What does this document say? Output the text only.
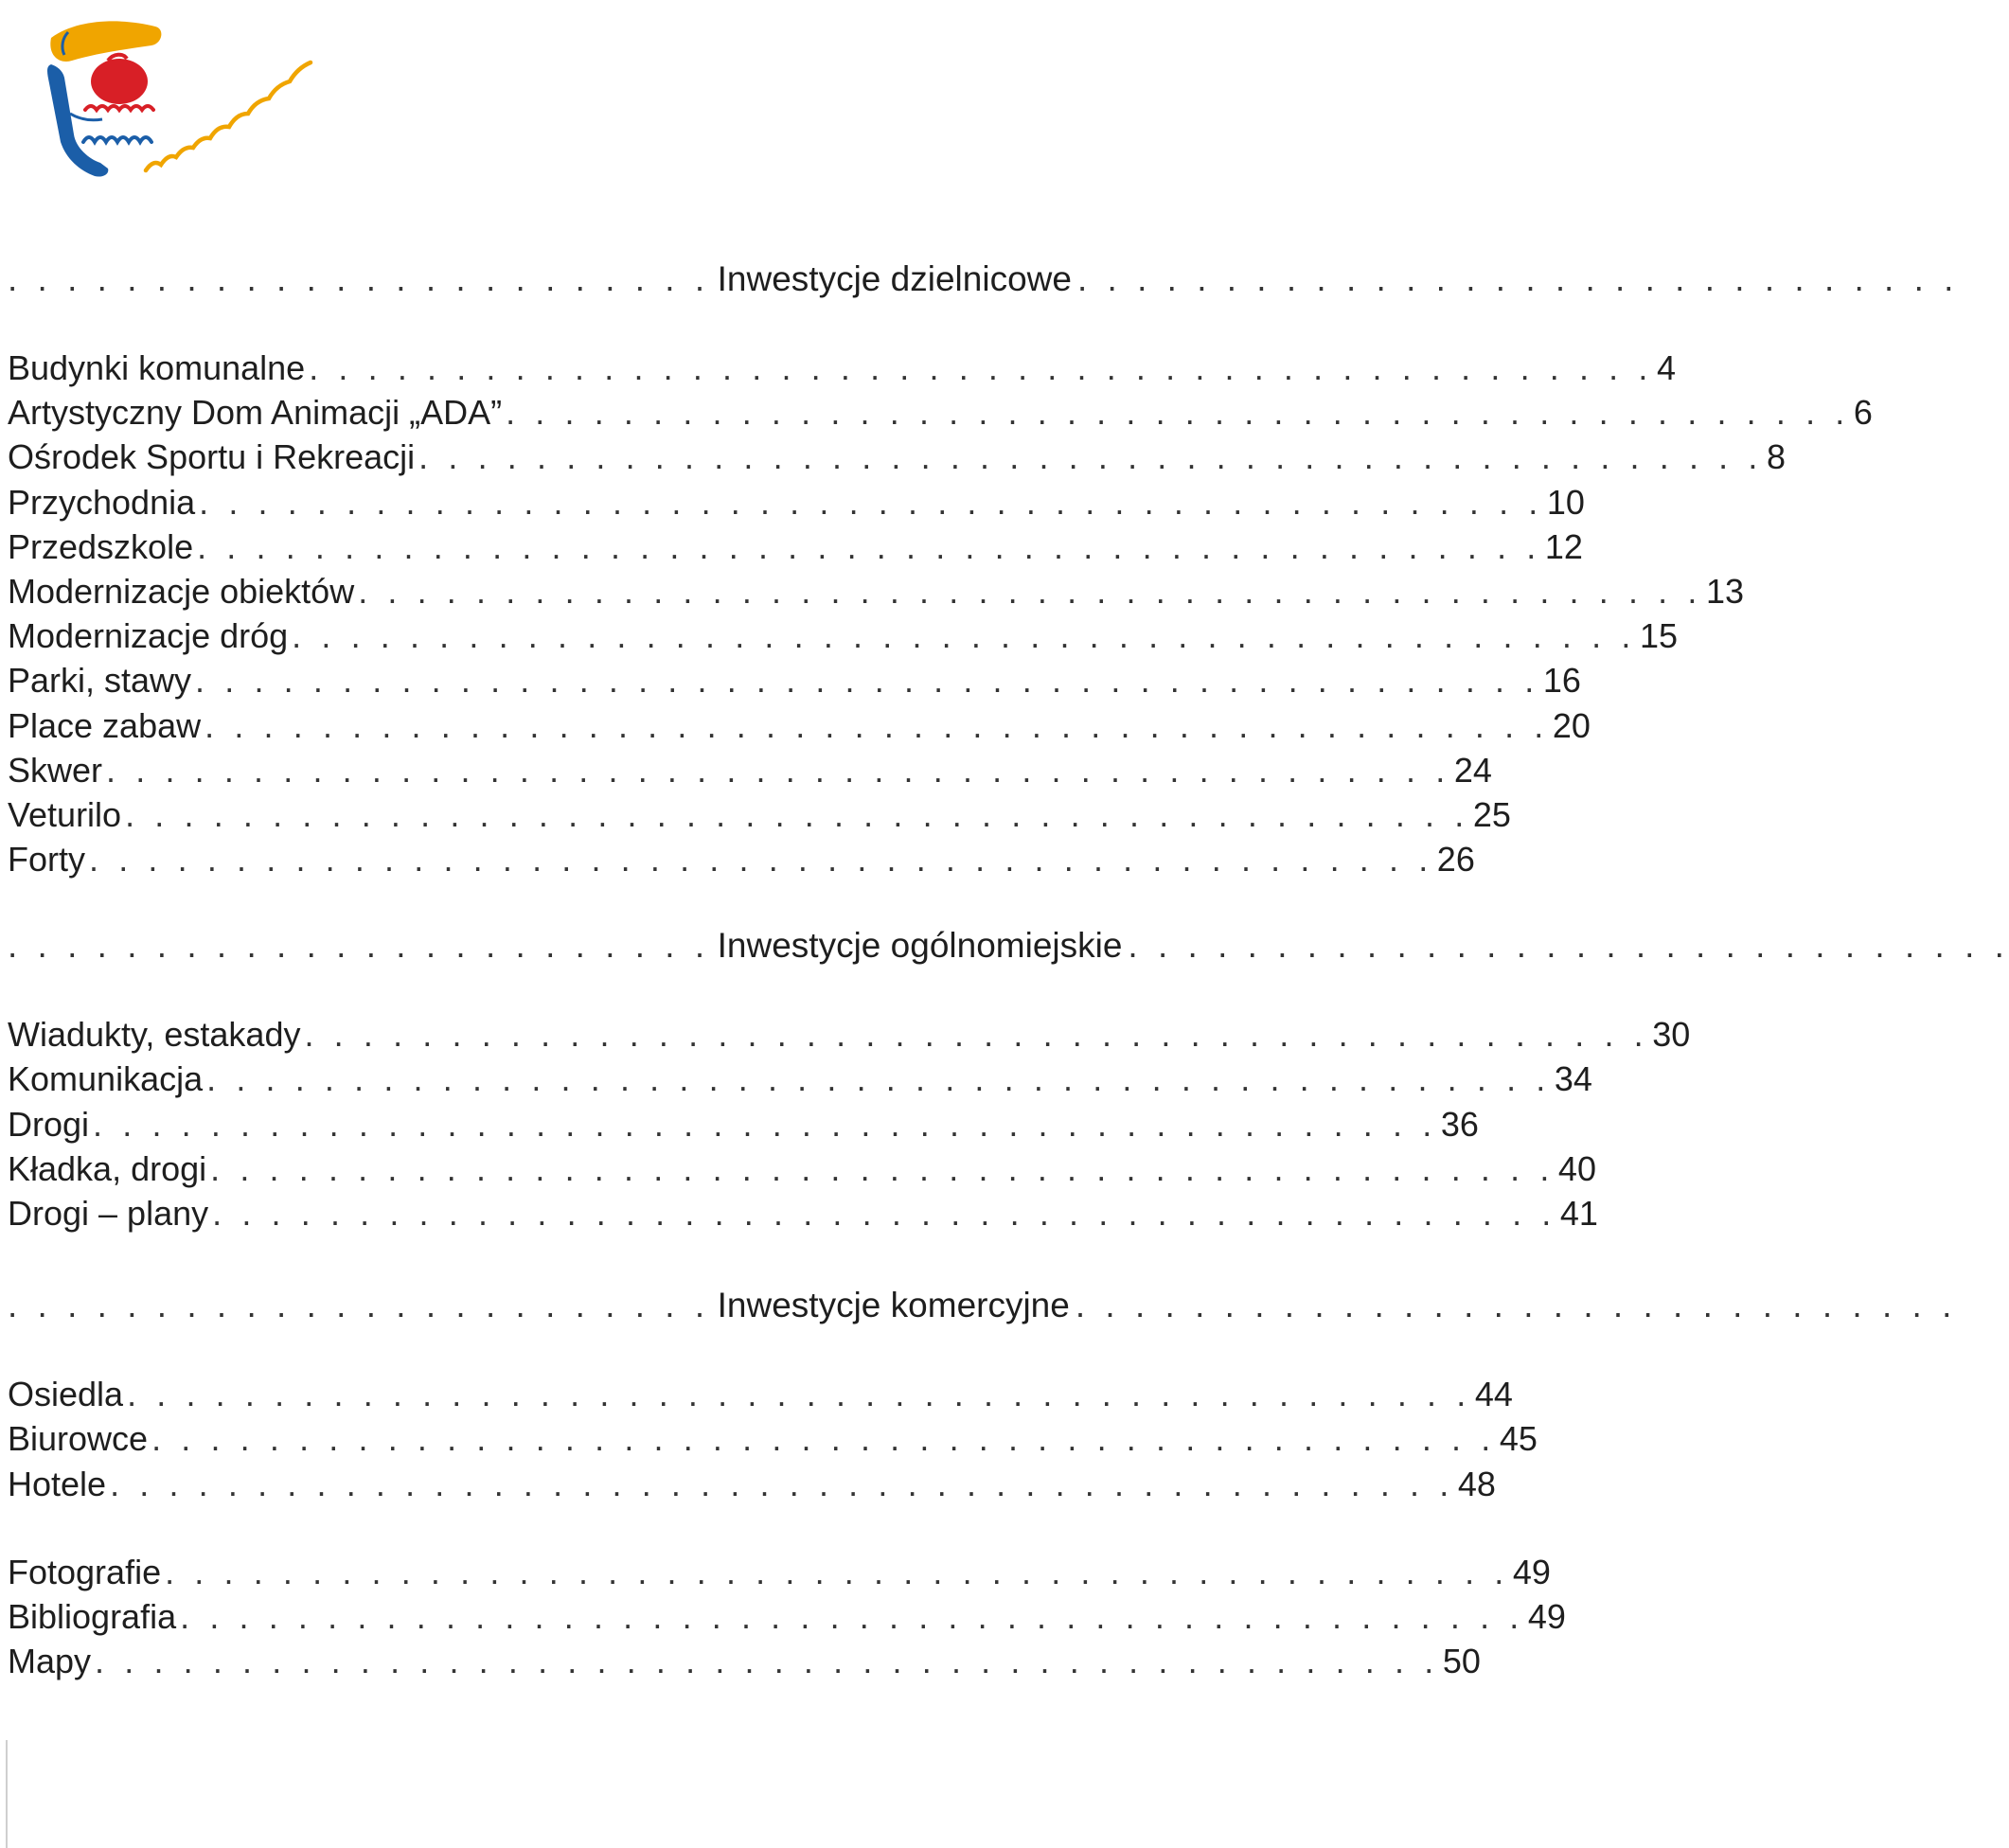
. . . . . . . . . . . . . . . . . . . . . . . . Inwestycje dzielnicowe . . . . . . . . . . . . . . . . . . . . . . . . . . . . . .
Budynki komunalne . . . . . . . . . . . . . . . . . . . . . . . . . . . . . . . . . . . . . . . . . . . . . . 4
Artystyczny Dom Animacji „ADA” . . . . . . . . . . . . . . . . . . . . . . . . . . . . . . . . . . . . . . . . . . . . . . 6
Ośrodek Sportu i Rekreacji . . . . . . . . . . . . . . . . . . . . . . . . . . . . . . . . . . . . . . . . . . . . . . 8
Przychodnia . . . . . . . . . . . . . . . . . . . . . . . . . . . . . . . . . . . . . . . . . . . . . . 10
Przedszkole . . . . . . . . . . . . . . . . . . . . . . . . . . . . . . . . . . . . . . . . . . . . . . 12
Modernizacje obiektów . . . . . . . . . . . . . . . . . . . . . . . . . . . . . . . . . . . . . . . . . . . . . . 13
Modernizacje dróg . . . . . . . . . . . . . . . . . . . . . . . . . . . . . . . . . . . . . . . . . . . . . . 15
Parki, stawy . . . . . . . . . . . . . . . . . . . . . . . . . . . . . . . . . . . . . . . . . . . . . . 16
Place zabaw . . . . . . . . . . . . . . . . . . . . . . . . . . . . . . . . . . . . . . . . . . . . . . 20
Skwer . . . . . . . . . . . . . . . . . . . . . . . . . . . . . . . . . . . . . . . . . . . . . . 24
Veturilo . . . . . . . . . . . . . . . . . . . . . . . . . . . . . . . . . . . . . . . . . . . . . . 25
Forty . . . . . . . . . . . . . . . . . . . . . . . . . . . . . . . . . . . . . . . . . . . . . . 26
. . . . . . . . . . . . . . . . . . . . . . . . Inwestycje ogólnomiejskie . . . . . . . . . . . . . . . . . . . . . . . . . . . . . .
Wiadukty, estakady . . . . . . . . . . . . . . . . . . . . . . . . . . . . . . . . . . . . . . . . . . . . . . 30
Komunikacja . . . . . . . . . . . . . . . . . . . . . . . . . . . . . . . . . . . . . . . . . . . . . . 34
Drogi . . . . . . . . . . . . . . . . . . . . . . . . . . . . . . . . . . . . . . . . . . . . . . 36
Kładka, drogi . . . . . . . . . . . . . . . . . . . . . . . . . . . . . . . . . . . . . . . . . . . . . . 40
Drogi – plany . . . . . . . . . . . . . . . . . . . . . . . . . . . . . . . . . . . . . . . . . . . . . . 41
. . . . . . . . . . . . . . . . . . . . . . . . Inwestycje komercyjne . . . . . . . . . . . . . . . . . . . . . . . . . . . . . .
Osiedla . . . . . . . . . . . . . . . . . . . . . . . . . . . . . . . . . . . . . . . . . . . . . . 44
Biurowce . . . . . . . . . . . . . . . . . . . . . . . . . . . . . . . . . . . . . . . . . . . . . . 45
Hotele . . . . . . . . . . . . . . . . . . . . . . . . . . . . . . . . . . . . . . . . . . . . . . 48
Fotografie . . . . . . . . . . . . . . . . . . . . . . . . . . . . . . . . . . . . . . . . . . . . . . 49
Bibliografia . . . . . . . . . . . . . . . . . . . . . . . . . . . . . . . . . . . . . . . . . . . . . . 49
Mapy . . . . . . . . . . . . . . . . . . . . . . . . . . . . . . . . . . . . . . . . . . . . . . 50
